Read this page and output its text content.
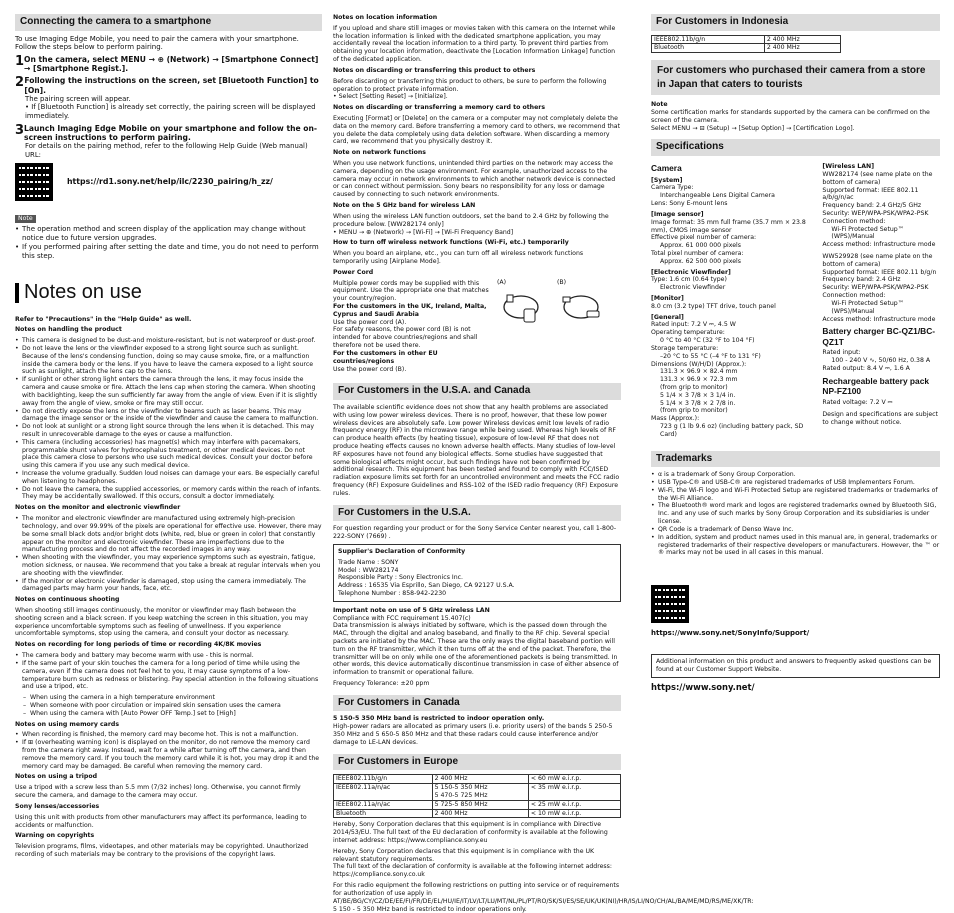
Connecting the camera to a smartphone

To use Imaging Edge Mobile, you need to pair the camera with your smartphone. Follow the steps below to perform pairing.

1 On the camera, select MENU → ⊕ (Network) → [Smartphone Connect] → [Smartphone Regist.].
2 Following the instructions on the screen, set [Bluetooth Function] to [On].
The pairing screen will appear.
• If [Bluetooth Function] is already set correctly, the pairing screen will be displayed immediately.
3 Launch Imaging Edge Mobile on your smartphone and follow the on-screen instructions to perform pairing.
For details on the pairing method, refer to the following Help Guide (Web manual) URL:
https://rd1.sony.net/help/ilc/2230_pairing/h_zz/
Note
• The operation method and screen display of the application may change without notice due to future version upgrades.
• If you performed pairing after setting the date and time, you do not need to perform this step.
Notes on use

Refer to "Precautions" in the "Help Guide" as well.

Notes on handling the product

• This camera is designed to be dust-and moisture-resistant, but is not waterproof or dust-proof.
• Do not leave the lens or the viewfinder exposed to a strong light source such as sunlight. Because of the lens's condensing function, doing so may cause smoke, fire, or a malfunction inside the camera body or the lens. If you have to leave the camera exposed to a light source such as sunlight, attach the lens cap to the lens.
• If sunlight or other strong light enters the camera through the lens, it may focus inside the camera and cause smoke or fire. Attach the lens cap when storing the camera. When shooting with backlighting, keep the sun sufficiently far away from the angle of view. Even if it is slightly away from the angle of view, smoke or fire may still occur.
• Do not directly expose the lens or the viewfinder to beams such as laser beams. This may damage the image sensor or the inside of the viewfinder and cause the camera to malfunction.
• Do not look at sunlight or a strong light source through the lens when it is detached. This may result in unrecoverable damage to the eyes or cause a malfunction.
• This camera (including accessories) has magnet(s) which may interfere with pacemakers, programmable shunt valves for hydrocephalus treatment, or other medical devices. Do not place this camera close to persons who use such medical devices. Consult your doctor before using this camera if you use any such medical device.
• Increase the volume gradually. Sudden loud noises can damage your ears. Be especially careful when listening to headphones.
• Do not leave the camera, the supplied accessories, or memory cards within the reach of infants. They may be accidentally swallowed. If this occurs, consult a doctor immediately.

Notes on the monitor and electronic viewfinder

• The monitor and electronic viewfinder are manufactured using extremely high-precision technology, and over 99.99% of the pixels are operational for effective use. However, there may be some small black dots and/or bright dots (white, red, blue or green in color) that constantly appear on the monitor and electronic viewfinder. These are imperfections due to the manufacturing process and do not affect the recorded images in any way.
• When shooting with the viewfinder, you may experience symptoms such as eyestrain, fatigue, motion sickness, or nausea. We recommend that you take a break at regular intervals when you are shooting with the viewfinder.
• If the monitor or electronic viewfinder is damaged, stop using the camera immediately. The damaged parts may harm your hands, face, etc.

Notes on continuous shooting

When shooting still images continuously, the monitor or viewfinder may flash between the shooting screen and a black screen. If you keep watching the screen in this situation, you may experience uncomfortable symptoms such as feeling of unwellness. If you experience uncomfortable symptoms, stop using the camera, and consult your doctor as necessary.

Notes on recording for long periods of time or recording 4K/8K movies

• The camera body and battery may become warm with use - this is normal.
• If the same part of your skin touches the camera for a long period of time while using the camera, even if the camera does not feel hot to you, it may cause symptoms of a low-temperature burn such as redness or blistering. Pay special attention in the following situations and use a tripod, etc.
– When using the camera in a high temperature environment
– When someone with poor circulation or impaired skin sensation uses the camera
– When using the camera with [Auto Power OFF Temp.] set to [High]

Notes on using memory cards

• When recording is finished, the memory card may become hot. This is not a malfunction.
• If ⊞ (overheating warning icon) is displayed on the monitor, do not remove the memory card from the camera right away. Instead, wait for a while after turning off the camera, and then remove the memory card. If you touch the memory card while it is hot, you may drop it and the memory card may be damaged. Be careful when removing the memory card.

Notes on using a tripod

Use a tripod with a screw less than 5.5 mm (7/32 inches) long. Otherwise, you cannot firmly secure the camera, and damage to the camera may occur.

Sony lenses/accessories

Using this unit with products from other manufacturers may affect its performance, leading to accidents or malfunction.

Warning on copyrights

Television programs, films, videotapes, and other materials may be copyrighted. Unauthorized recording of such materials may be contrary to the provisions of the copyright laws.

Notes on location information

If you upload and share still images or movies taken with this camera on the Internet while the location information is linked with the dedicated smartphone application, you may accidentally reveal the location information to a third party. To prevent third parties from obtaining your location information, deactivate the [Location Information Linkage] function of the dedicated application.

Notes on discarding or transferring this product to others

Before discarding or transferring this product to others, be sure to perform the following operation to protect private information.

• Select [Setting Reset] → [Initialize].

Notes on discarding or transferring a memory card to others

Executing [Format] or [Delete] on the camera or a computer may not completely delete the data on the memory card. Before transferring a memory card to others, we recommend that you delete the data completely using data deletion software. When discarding a memory card, we recommend that you physically destroy it.

Note on network functions

When you use network functions, unintended third parties on the network may access the camera, depending on the usage environment. For example, unauthorized access to the camera may occur in network environments to which another network device is connected or can connect without permission. Sony bears no responsibility for any loss or damage caused by connecting to such network environments.

Note on the 5 GHz band for wireless LAN

When using the wireless LAN function outdoors, set the band to 2.4 GHz by following the procedure below. [WW282174 only]

• MENU → ⊕ (Network) → [Wi-Fi] → [Wi-Fi Frequency Band]

How to turn off wireless network functions (Wi-Fi, etc.) temporarily

When you board an airplane, etc., you can turn off all wireless network functions temporarily using [Airplane Mode].

Power Cord

Multiple power cords may be supplied with this equipment. Use the appropriate one that matches your country/region.

For the customers in the UK, Ireland, Malta, Cyprus and Saudi Arabia

Use the power cord (A).

For safety reasons, the power cord (B) is not intended for above countries/regions and shall therefore not be used there.

For the customers in other EU countries/regions

Use the power cord (B).

(A)	(B)
For Customers in the U.S.A. and Canada

The available scientific evidence does not show that any health problems are associated with using low power wireless devices. There is no proof, however, that these low power wireless devices are absolutely safe. Low power Wireless devices emit low levels of radio frequency energy (RF) in the microwave range while being used. Whereas high levels of RF can produce health effects (by heating tissue), exposure of low-level RF that does not produce heating effects causes no known adverse health effects. Many studies of low-level RF exposures have not found any biological effects. Some studies have suggested that some biological effects might occur, but such findings have not been confirmed by additional research. This equipment has been tested and found to comply with FCC/ISED radiation exposure limits set forth for an uncontrolled environment and meets the FCC radio frequency (RF) Exposure Guidelines and RSS-102 of the ISED radio frequency (RF) Exposure rules.

For Customers in the U.S.A.

For question regarding your product or for the Sony Service Center nearest you, call 1-800-222-SONY (7669) .

Supplier's Declaration of Conformity

Trade Name : SONY
Model : WW282174
Responsible Party : Sony Electronics Inc.
Address : 16535 Via Esprillo, San Diego, CA 92127 U.S.A.
Telephone Number : 858-942-2230

Important note on use of 5 GHz wireless LAN

Compliance with FCC requirement 15.407(c)

Data transmission is always initiated by software, which is the passed down through the MAC, through the digital and analog baseband, and finally to the RF chip. Several special packets are initiated by the MAC. These are the only ways the digital baseband portion will turn on the RF transmitter, which it then turns off at the end of the packet. Therefore, the transmitter will be on only while one of the aforementioned packets is being transmitted. In other words, this device automatically discontinue transmission in case of either absence of information to transmit or operational failure.

Frequency Tolerance: ±20 ppm

For Customers in Canada

5 150-5 350 MHz band is restricted to indoor operation only.

High-power radars are allocated as primary users (i.e. priority users) of the bands 5 250-5 350 MHz and 5 650-5 850 MHz and that these radars could cause interference and/or damage to LE-LAN devices.

For Customers in Europe
IEEE802.11b/g/n	2 400 MHz	< 60 mW e.i.r.p.
IEEE802.11a/n/ac	5 150-5 350 MHz
5 470-5 725 MHz	< 35 mW e.i.r.p.
IEEE802.11a/n/ac	5 725-5 850 MHz	< 25 mW e.i.r.p.
Bluetooth	2 400 MHz	< 10 mW e.i.r.p.

Hereby, Sony Corporation declares that this equipment is in compliance with Directive 2014/53/EU. The full text of the EU declaration of conformity is available at the following internet address: https://www.compliance.sony.eu

Hereby, Sony Corporation declares that this equipment is in compliance with the UK relevant statutory requirements.

The full text of the declaration of conformity is available at the following internet address: https://compliance.sony.co.uk

For this radio equipment the following restrictions on putting into service or of requirements for authorization of use apply in AT/BE/BG/CY/CZ/DE/EE/FI/FR/DE/EL/HU/IE/IT/LV/LT/LU/MT/NL/PL/PT/RO/SK/SI/ES/SE/UK/UK(NI)/HR/IS/LI/NO/CH/AL/BA/ME/MD/RS/ME/XK/TR:

5 150 - 5 350 MHz band is restricted to indoor operations only.

For Customers in Indonesia
IEEE802.11b/g/n	2 400 MHz
Bluetooth	2 400 MHz
For customers who purchased their camera from a store in Japan that caters to tourists

Note

Some certification marks for standards supported by the camera can be confirmed on the screen of the camera.

Select MENU → ⊟ (Setup) → [Setup Option] → [Certification Logo].

Specifications
Camera
[System]
Camera Type:
Interchangeable Lens Digital Camera
Lens: Sony E-mount lens
[Image sensor]
Image format: 35 mm full frame (35.7 mm × 23.8 mm), CMOS image sensor
Effective pixel number of camera:
Approx. 61 000 000 pixels
Total pixel number of camera:
Approx. 62 500 000 pixels
[Electronic Viewfinder]
Type: 1.6 cm (0.64 type)
Electronic Viewfinder
[Monitor]
8.0 cm (3.2 type) TFT drive, touch panel
[General]
Rated input: 7.2 V ⎓, 4.5 W
Operating temperature:
0 °C to 40 °C (32 °F to 104 °F)
Storage temperature:
–20 °C to 55 °C (–4 °F to 131 °F)
Dimensions (W/H/D) (Approx.):
131.3 × 96.9 × 82.4 mm
131.3 × 96.9 × 72.3 mm
(from grip to monitor)
5 1/4 × 3 7/8 × 3 1/4 in.
5 1/4 × 3 7/8 × 2 7/8 in.
(from grip to monitor)
Mass (Approx.):
723 g (1 lb 9.6 oz) (including battery pack, SD Card)
[Wireless LAN]
WW282174 (see name plate on the bottom of camera)
Supported format: IEEE 802.11 a/b/g/n/ac
Frequency band: 2.4 GHz/5 GHz
Security: WEP/WPA-PSK/WPA2-PSK
Connection method:
Wi-Fi Protected Setup™ (WPS)/Manual
Access method: Infrastructure mode
WW529928 (see name plate on the bottom of camera)
Supported format: IEEE 802.11 b/g/n
Frequency band: 2.4 GHz
Security: WEP/WPA-PSK/WPA2-PSK
Connection method:
Wi-Fi Protected Setup™ (WPS)/Manual
Access method: Infrastructure mode
Battery charger BC-QZ1/BC-QZ1T
Rated input:
100 - 240 V ∿, 50/60 Hz, 0.38 A
Rated output: 8.4 V ⎓, 1.6 A
Rechargeable battery pack NP-FZ100
Rated voltage: 7.2 V ⎓
Design and specifications are subject to change without notice.
Trademarks
• α is a trademark of Sony Group Corporation.
• USB Type-C® and USB-C® are registered trademarks of USB Implementers Forum.
• Wi-Fi, the Wi-Fi logo and Wi-Fi Protected Setup are registered trademarks or trademarks of the Wi-Fi Alliance.
• The Bluetooth® word mark and logos are registered trademarks owned by Bluetooth SIG, Inc. and any use of such marks by Sony Group Corporation and its subsidiaries is under license.
• QR Code is a trademark of Denso Wave Inc.
• In addition, system and product names used in this manual are, in general, trademarks or registered trademarks of their respective developers or manufacturers. However, the ™ or ® marks may not be used in all cases in this manual.

https://www.sony.net/SonyInfo/Support/

Additional information on this product and answers to frequently asked questions can be found at our Customer Support Website.

https://www.sony.net/
